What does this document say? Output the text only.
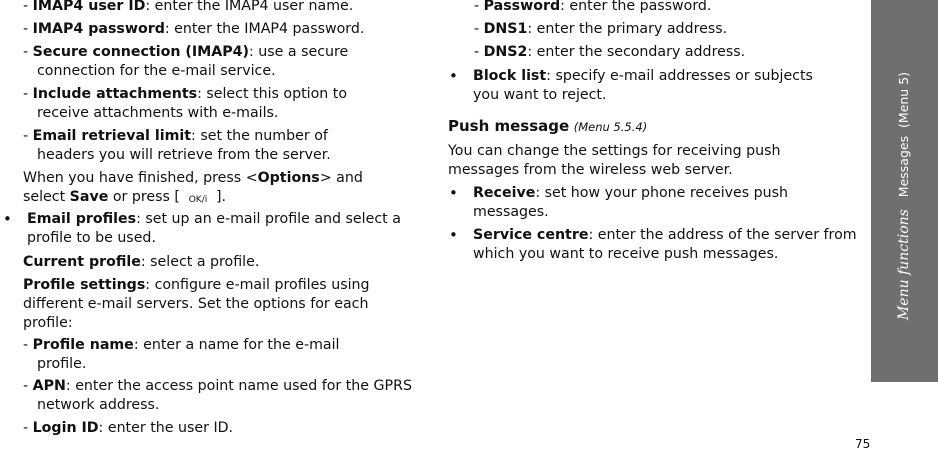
- IMAP4 user ID: enter the IMAP4 user name.

- IMAP4 password: enter the IMAP4 password.

- Secure connection (IMAP4): use a secure connection for the e-mail service.

- Include attachments: select this option to receive attachments with e-mails.

- Email retrieval limit: set the number of headers you will retrieve from the server.

When you have finished, press <Options> and select Save or press [ OK/i ].

• Email profiles: set up an e-mail profile and select a profile to be used.

Current profile: select a profile.

Profile settings: configure e-mail profiles using different e-mail servers. Set the options for each profile:

- Profile name: enter a name for the e-mail profile.

- APN: enter the access point name used for the GPRS network address.

- Login ID: enter the user ID.

- Password: enter the password.

- DNS1: enter the primary address.

- DNS2: enter the secondary address.

• Block list: specify e-mail addresses or subjects you want to reject.

Push message (Menu 5.5.4)

You can change the settings for receiving push messages from the wireless web server.

• Receive: set how your phone receives push messages.

• Service centre: enter the address of the server from which you want to receive push messages.	Menu functions   Messages  (Menu 5)
75
